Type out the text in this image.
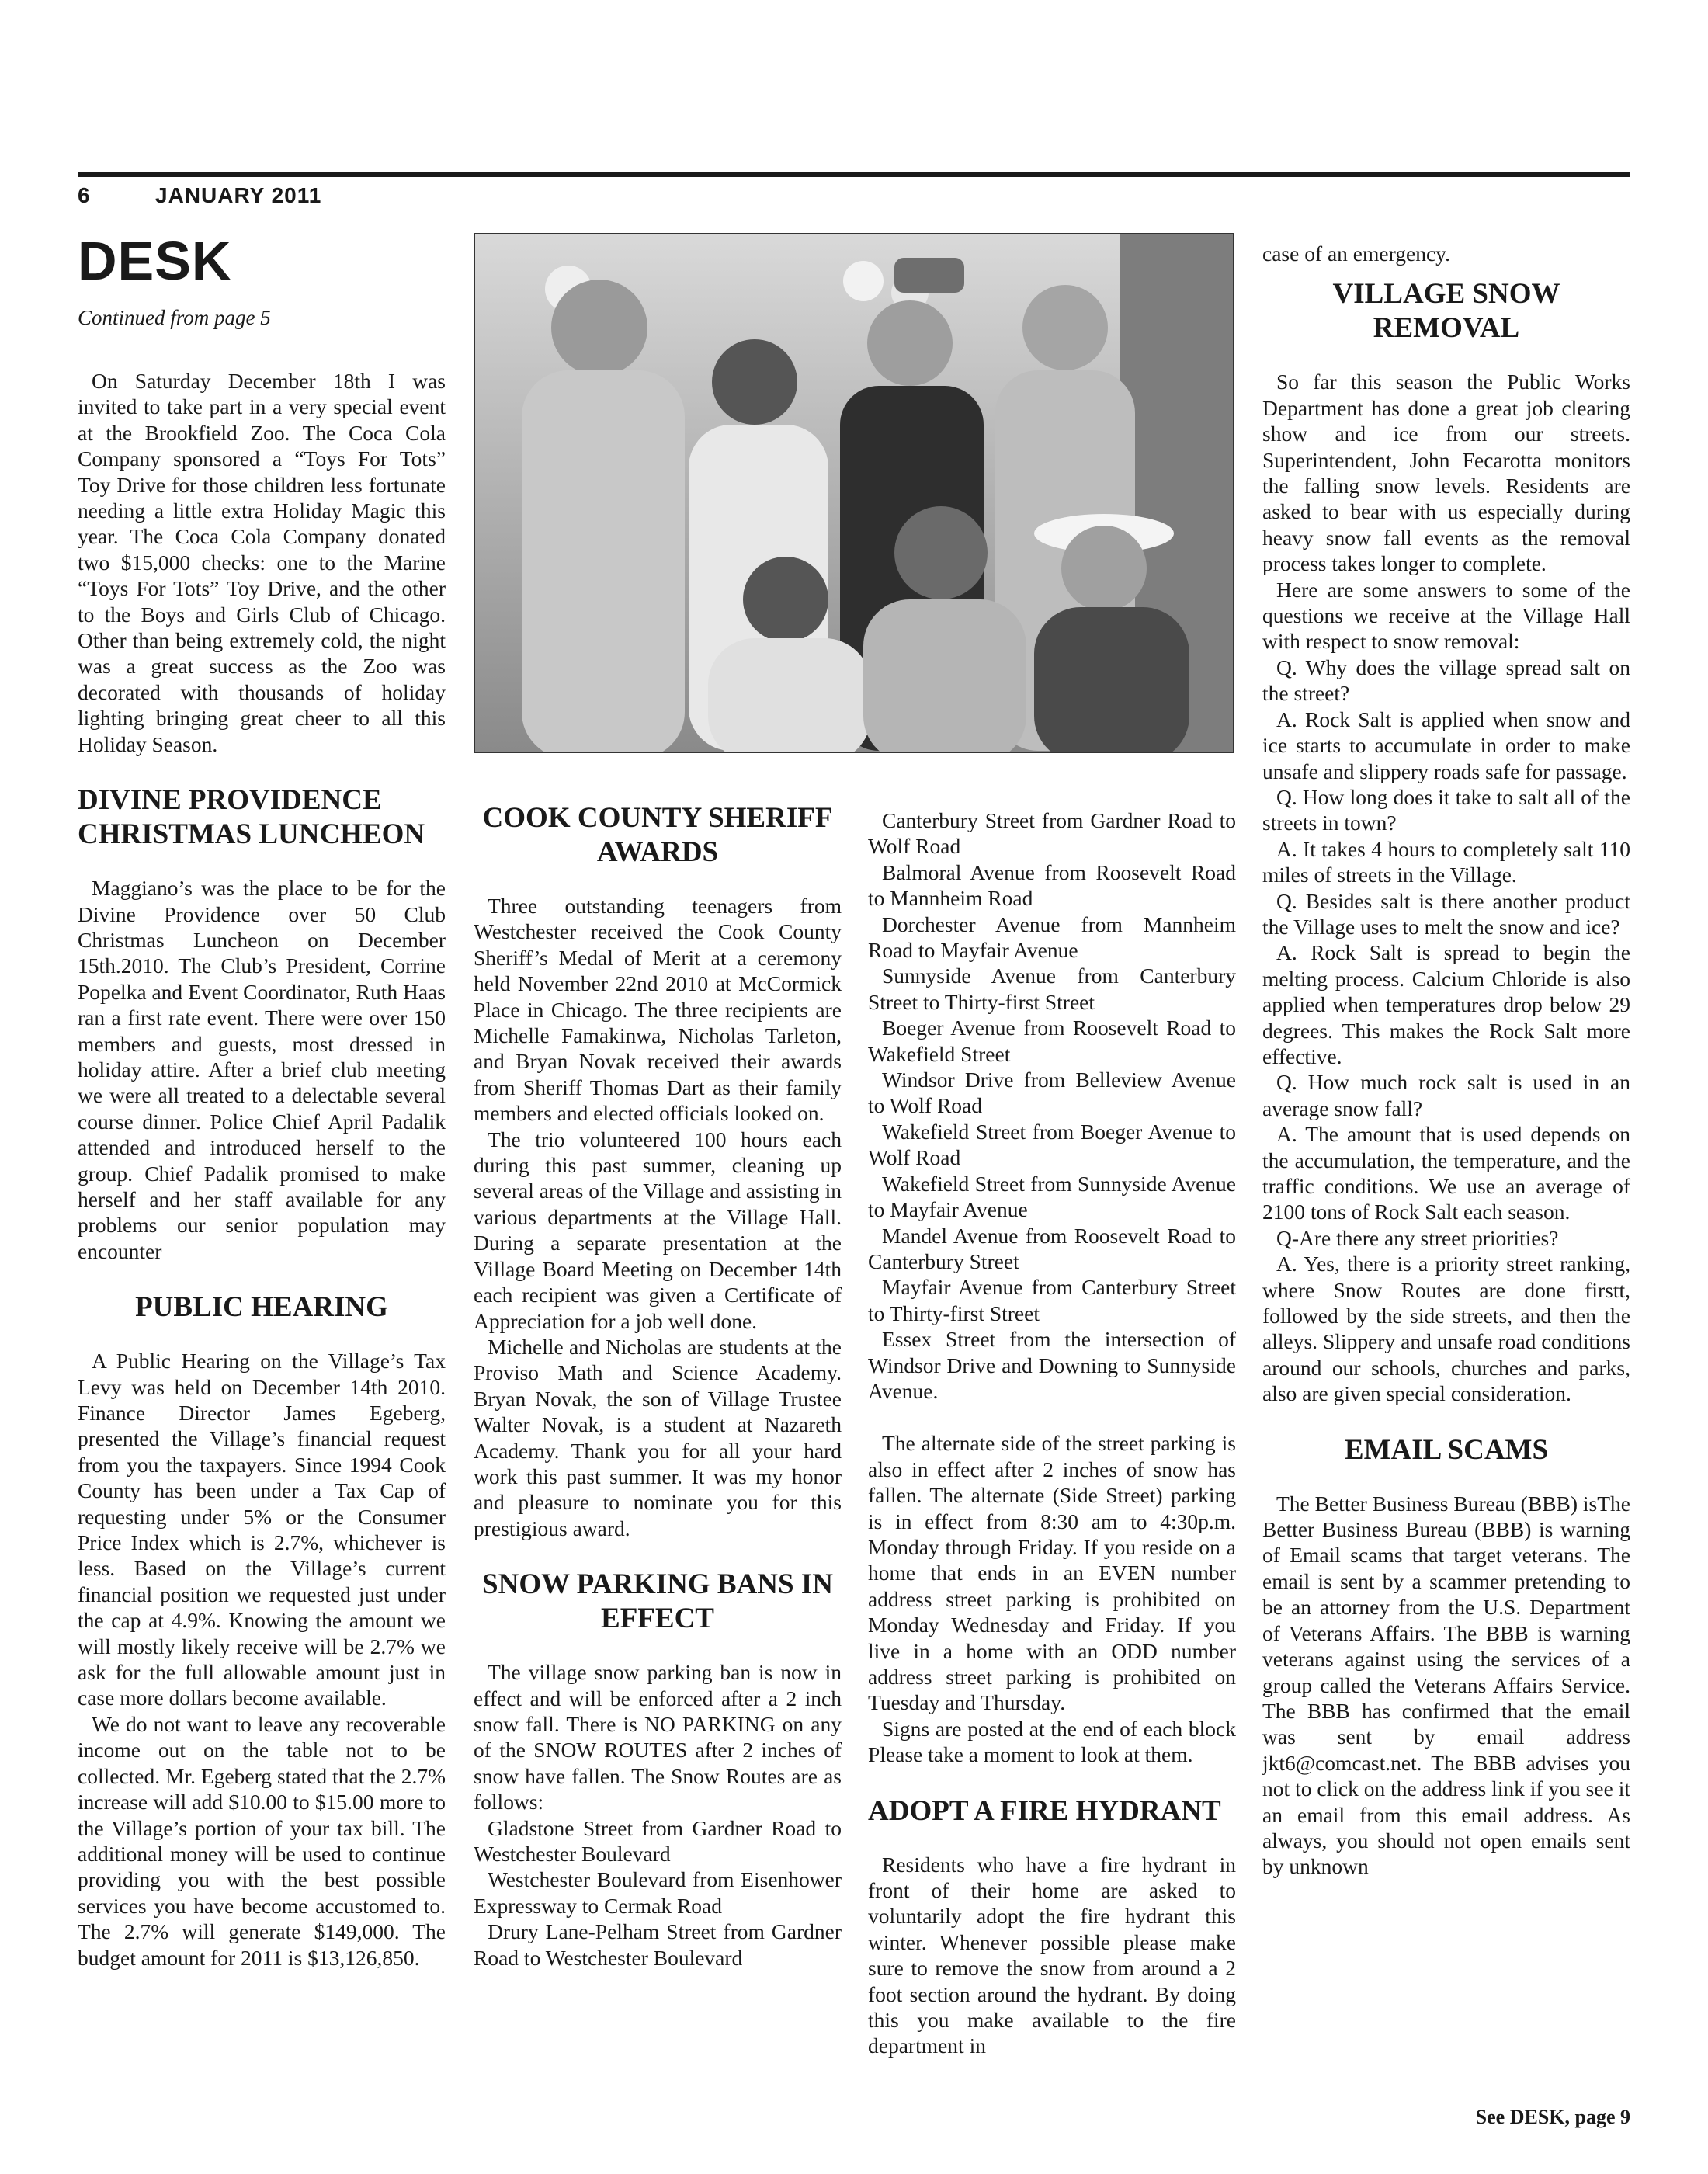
6	JANUARY 2011
DESK

Continued from page 5

On Saturday December 18th I was invited to take part in a very special event at the Brookfield Zoo. The Coca Cola Company sponsored a “Toys For Tots” Toy Drive for those children less fortunate needing a little extra Holiday Magic this year. The Coca Cola Company donated two $15,000 checks: one to the Marine “Toys For Tots” Toy Drive, and the other to the Boys and Girls Club of Chicago. Other than being extremely cold, the night was a great success as the Zoo was decorated with thousands of holiday lighting bringing great cheer to all this Holiday Season.

DIVINE PROVIDENCE CHRISTMAS LUNCHEON

Maggiano’s was the place to be for the Divine Providence over 50 Club Christmas Luncheon on December 15th.2010. The Club’s President, Corrine Popelka and Event Coordinator, Ruth Haas ran a first rate event. There were over 150 members and guests, most dressed in holiday attire. After a brief club meeting we were all treated to a delectable several course dinner. Police Chief April Padalik attended and introduced herself to the group. Chief Padalik promised to make herself and her staff available for any problems our senior population may encounter

PUBLIC HEARING

A Public Hearing on the Village’s Tax Levy was held on December 14th 2010. Finance Director James Egeberg, presented the Village’s financial request from you the taxpayers. Since 1994 Cook County has been under a Tax Cap of requesting under 5% or the Consumer Price Index which is 2.7%, whichever is less. Based on the Village’s current financial position we requested just under the cap at 4.9%. Knowing the amount we will mostly likely receive will be 2.7% we ask for the full allowable amount just in case more dollars become available.

We do not want to leave any recoverable income out on the table not to be collected. Mr. Egeberg stated that the 2.7% increase will add $10.00 to $15.00 more to the Village’s portion of your tax bill. The additional money will be used to continue providing you with the best possible services you have become accustomed to. The 2.7% will generate $149,000. The budget amount for 2011 is $13,126,850.

COOK COUNTY SHERIFF AWARDS

Three outstanding teenagers from Westchester received the Cook County Sheriff’s Medal of Merit at a ceremony held November 22nd 2010 at McCormick Place in Chicago. The three recipients are Michelle Famakinwa, Nicholas Tarleton, and Bryan Novak received their awards from Sheriff Thomas Dart as their family members and elected officials looked on.

The trio volunteered 100 hours each during this past summer, cleaning up several areas of the Village and assisting in various departments at the Village Hall. During a separate presentation at the Village Board Meeting on December 14th each recipient was given a Certificate of Appreciation for a job well done.

Michelle and Nicholas are students at the Proviso Math and Science Academy. Bryan Novak, the son of Village Trustee Walter Novak, is a student at Nazareth Academy. Thank you for all your hard work this past summer. It was my honor and pleasure to nominate you for this prestigious award.

SNOW PARKING BANS IN EFFECT

The village snow parking ban is now in effect and will be enforced after a 2 inch snow fall. There is NO PARKING on any of the SNOW ROUTES after 2 inches of snow have fallen. The Snow Routes are as follows:

Gladstone Street from Gardner Road to Westchester Boulevard

Westchester Boulevard from Eisenhower Expressway to Cermak Road

Drury Lane-Pelham Street from Gardner Road to Westchester Boulevard

Canterbury Street from Gardner Road to Wolf Road

Balmoral Avenue from Roosevelt Road to Mannheim Road

Dorchester Avenue from Mannheim Road to Mayfair Avenue

Sunnyside Avenue from Canterbury Street to Thirty-first Street

Boeger Avenue from Roosevelt Road to Wakefield Street

Windsor Drive from Belleview Avenue to Wolf Road

Wakefield Street from Boeger Avenue to Wolf Road

Wakefield Street from Sunnyside Avenue to Mayfair Avenue

Mandel Avenue from Roosevelt Road to Canterbury Street

Mayfair Avenue from Canterbury Street to Thirty-first Street

Essex Street from the intersection of Windsor Drive and Downing to Sunnyside Avenue.

The alternate side of the street parking is also in effect after 2 inches of snow has fallen. The alternate (Side Street) parking is in effect from 8:30 am to 4:30p.m. Monday through Friday. If you reside on a home that ends in an EVEN number address street parking is prohibited on Monday Wednesday and Friday. If you live in a home with an ODD number address street parking is prohibited on Tuesday and Thursday.

Signs are posted at the end of each block Please take a moment to look at them.

ADOPT A FIRE HYDRANT

Residents who have a fire hydrant in front of their home are asked to voluntarily adopt the fire hydrant this winter. Whenever possible please make sure to remove the snow from around a 2 foot section around the hydrant. By doing this you make available to the fire department in

case of an emergency.

VILLAGE SNOW REMOVAL

So far this season the Public Works Department has done a great job clearing show and ice from our streets. Superintendent, John Fecarotta monitors the falling snow levels. Residents are asked to bear with us especially during heavy snow fall events as the removal process takes longer to complete.

Here are some answers to some of the questions we receive at the Village Hall with respect to snow removal:

Q. Why does the village spread salt on the street?

A. Rock Salt is applied when snow and ice starts to accumulate in order to make unsafe and slippery roads safe for passage.

Q. How long does it take to salt all of the streets in town?

A. It takes 4 hours to completely salt 110 miles of streets in the Village.

Q. Besides salt is there another product the Village uses to melt the snow and ice?

A. Rock Salt is spread to begin the melting process. Calcium Chloride is also applied when temperatures drop below 29 degrees. This makes the Rock Salt more effective.

Q. How much rock salt is used in an average snow fall?

A. The amount that is used depends on the accumulation, the temperature, and the traffic conditions. We use an average of 2100 tons of Rock Salt each season.

Q-Are there any street priorities?

A. Yes, there is a priority street ranking, where Snow Routes are done firstt, followed by the side streets, and then the alleys. Slippery and unsafe road conditions around our schools, churches and parks, also are given special consideration.

EMAIL SCAMS

The Better Business Bureau (BBB) isThe Better Business Bureau (BBB) is warning of Email scams that target veterans. The email is sent by a scammer pretending to be an attorney from the U.S. Department of Veterans Affairs. The BBB is warning veterans against using the services of a group called the Veterans Affairs Service. The BBB has confirmed that the email was sent by email address jkt6@comcast.net. The BBB advises you not to click on the address link if you see it an email from this email address. As always, you should not open emails sent by unknown

See DESK, page 9
